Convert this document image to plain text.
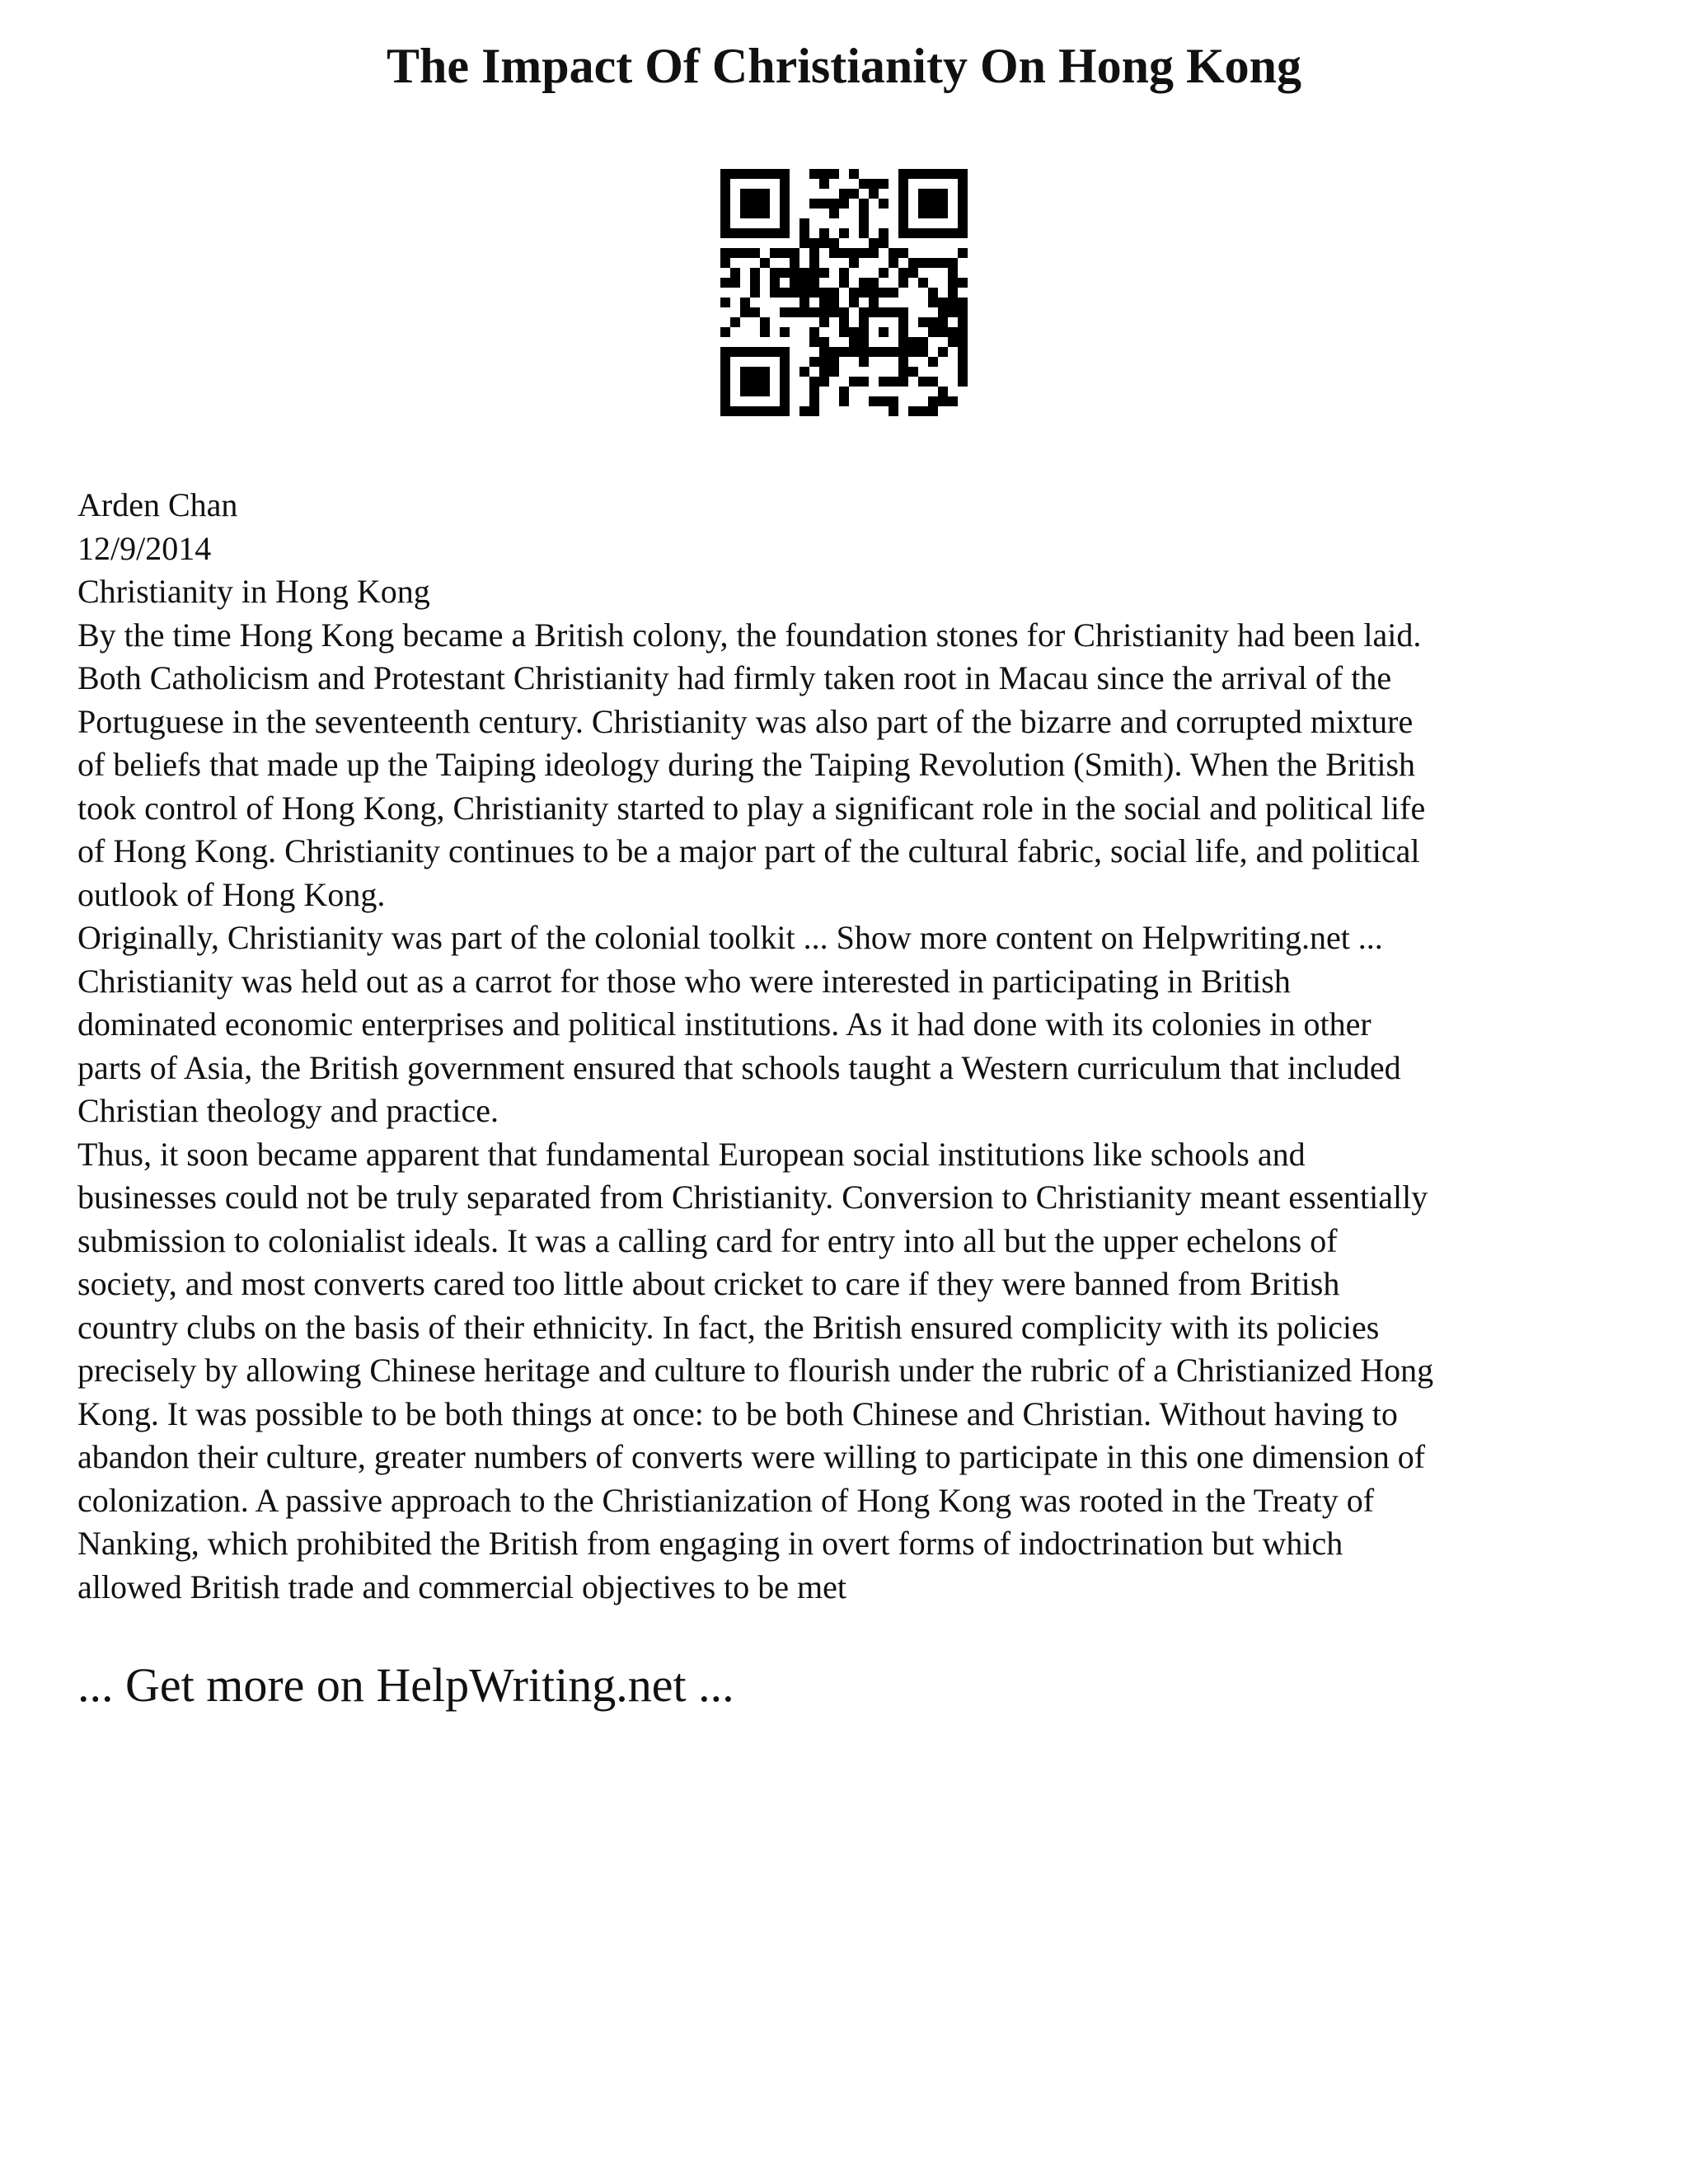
The Impact Of Christianity On Hong Kong
Arden Chan
12/9/2014
Christianity in Hong Kong

By the time Hong Kong became a British colony, the foundation stones for Christianity had been laid.
Both Catholicism and Protestant Christianity had firmly taken root in Macau since the arrival of the
Portuguese in the seventeenth century. Christianity was also part of the bizarre and corrupted mixture
of beliefs that made up the Taiping ideology during the Taiping Revolution (Smith). When the British
took control of Hong Kong, Christianity started to play a significant role in the social and political life
of Hong Kong. Christianity continues to be a major part of the cultural fabric, social life, and political
outlook of Hong Kong.

Originally, Christianity was part of the colonial toolkit ... Show more content on Helpwriting.net ...
Christianity was held out as a carrot for those who were interested in participating in British
dominated economic enterprises and political institutions. As it had done with its colonies in other
parts of Asia, the British government ensured that schools taught a Western curriculum that included
Christian theology and practice.

Thus, it soon became apparent that fundamental European social institutions like schools and
businesses could not be truly separated from Christianity. Conversion to Christianity meant essentially
submission to colonialist ideals. It was a calling card for entry into all but the upper echelons of
society, and most converts cared too little about cricket to care if they were banned from British
country clubs on the basis of their ethnicity. In fact, the British ensured complicity with its policies
precisely by allowing Chinese heritage and culture to flourish under the rubric of a Christianized Hong
Kong. It was possible to be both things at once: to be both Chinese and Christian. Without having to
abandon their culture, greater numbers of converts were willing to participate in this one dimension of
colonization. A passive approach to the Christianization of Hong Kong was rooted in the Treaty of
Nanking, which prohibited the British from engaging in overt forms of indoctrination but which
allowed British trade and commercial objectives to be met

... Get more on HelpWriting.net ...
